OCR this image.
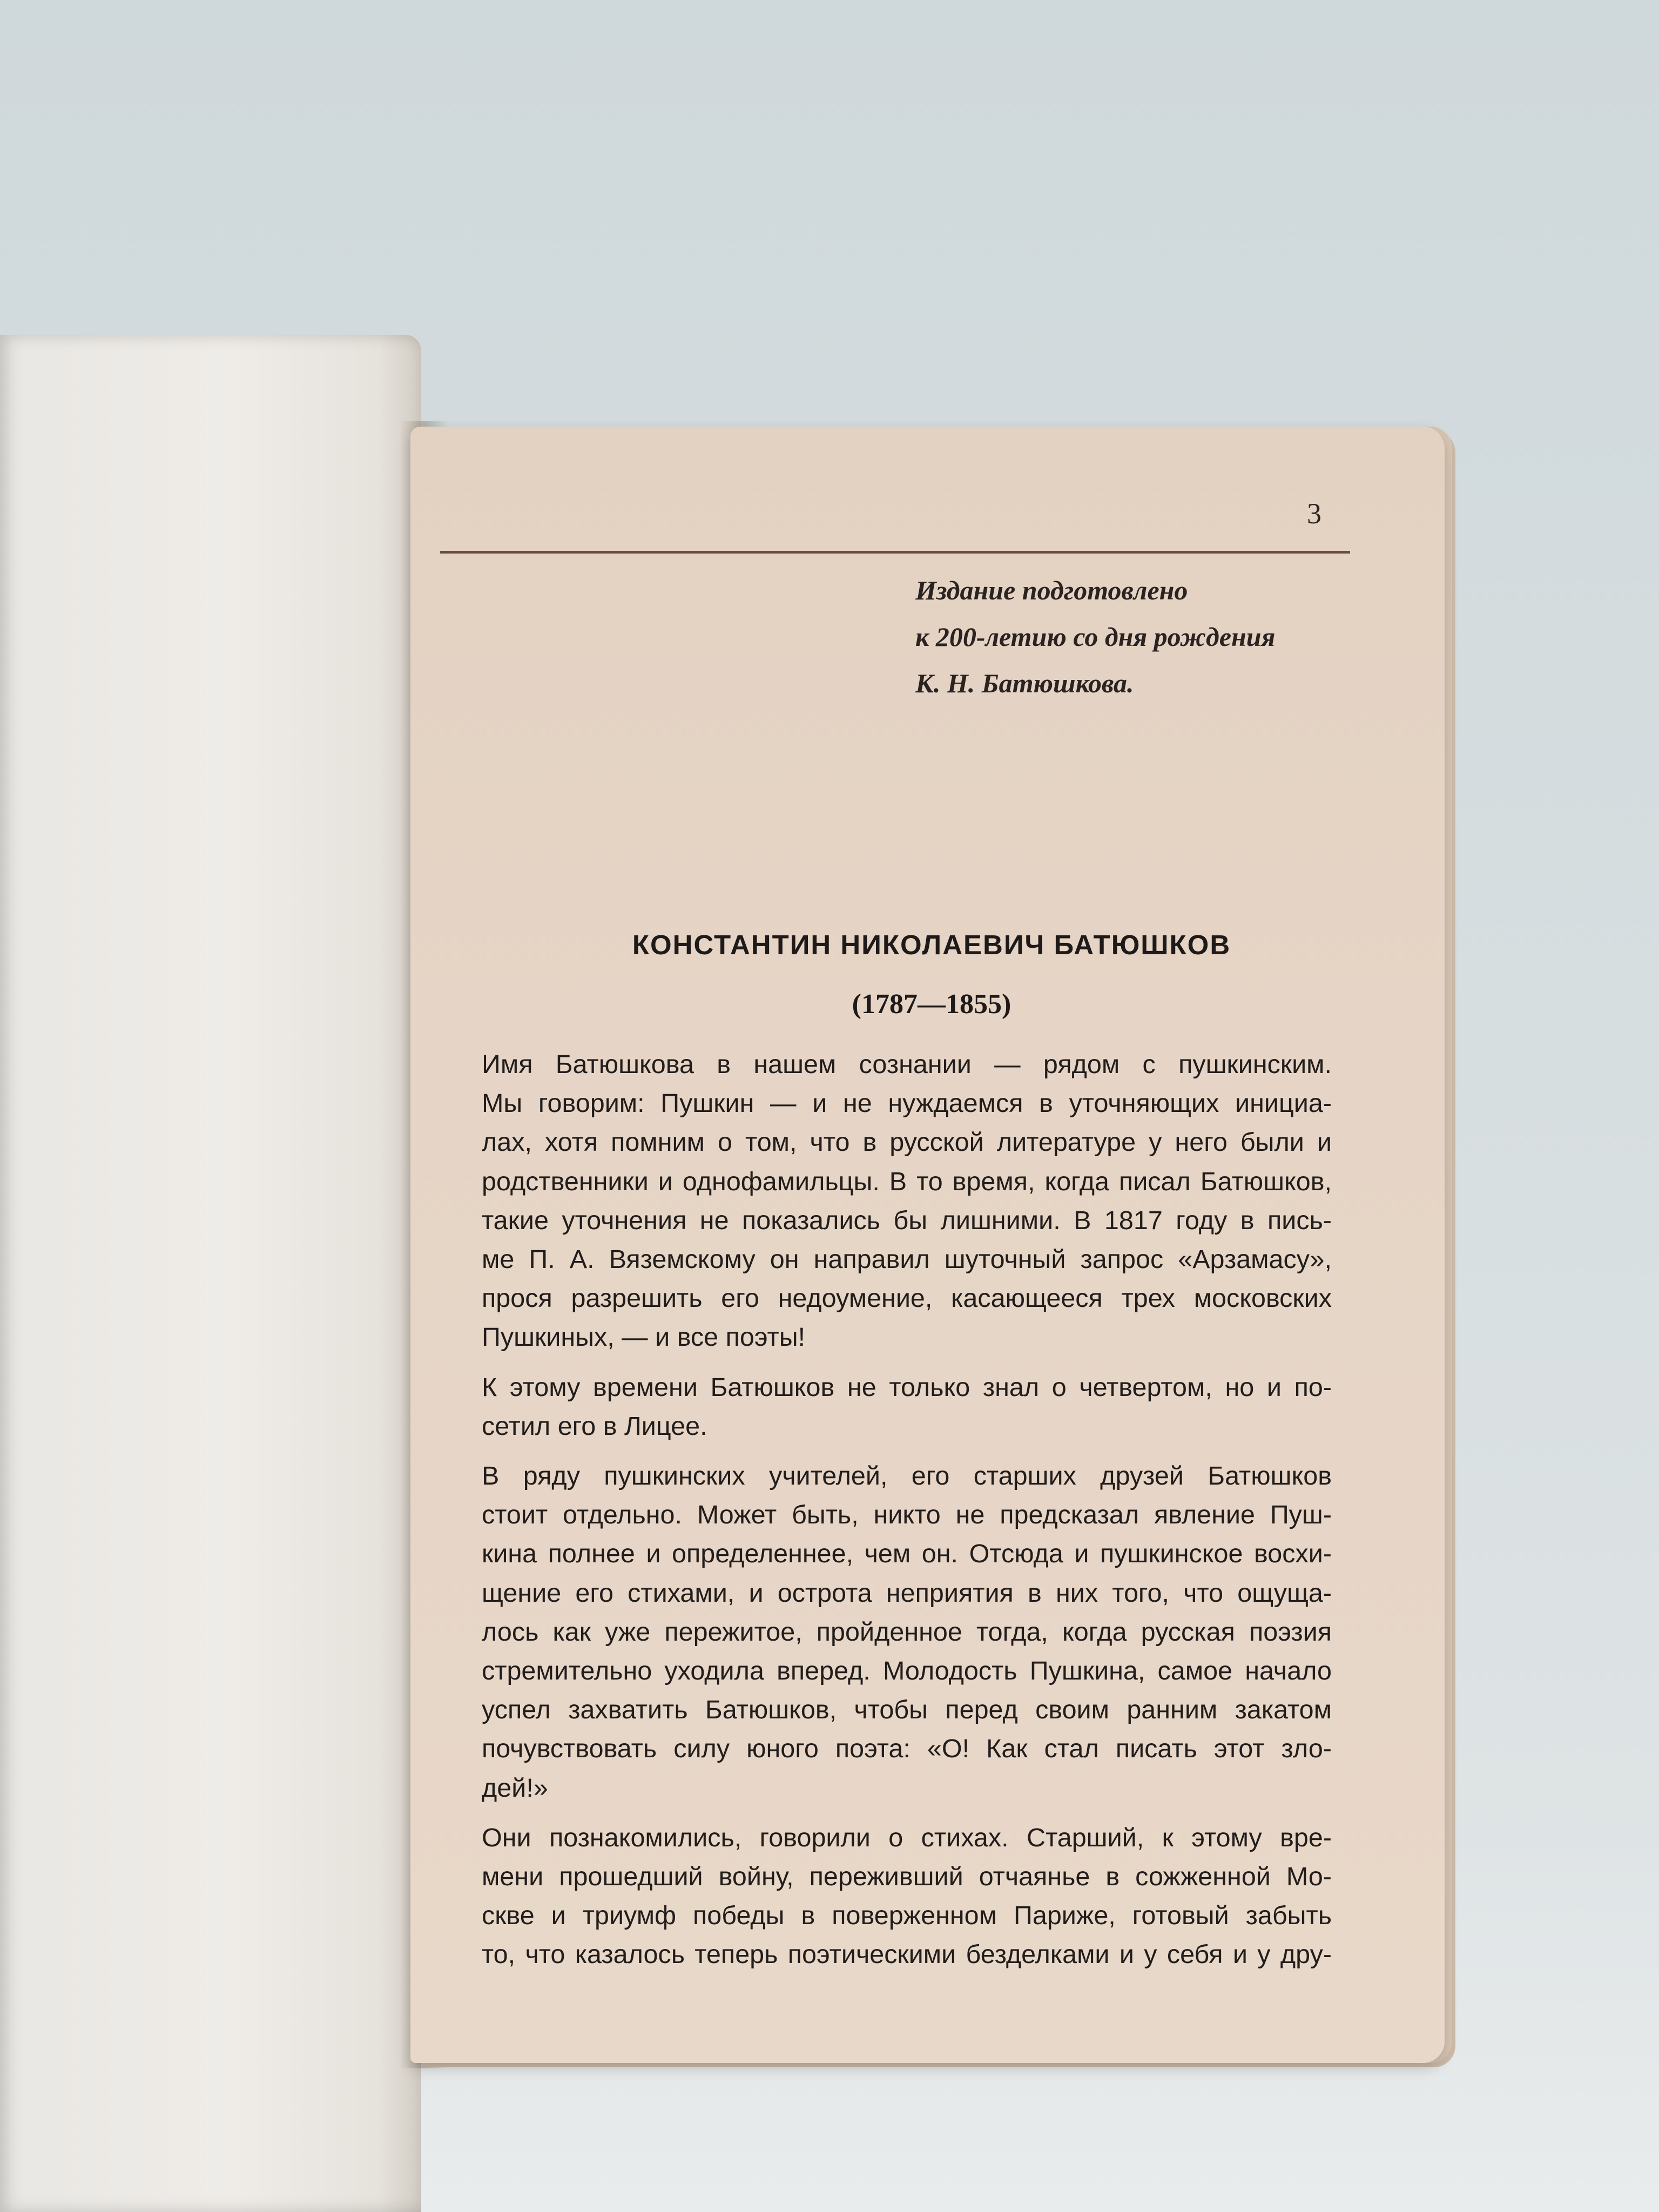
3
Издание подготовлено
к 200-летию со дня рождения
К. Н. Батюшкова.
КОНСТАНТИН НИКОЛАЕВИЧ БАТЮШКОВ
(1787—1855)

Имя Батюшкова в нашем сознании — рядом с пушкинским.
Мы говорим: Пушкин — и не нуждаемся в уточняющих инициа-
лах, хотя помним о том, что в русской литературе у него были и
родственники и однофамильцы. В то время, когда писал Батюшков,
такие уточнения не показались бы лишними. В 1817 году в пись-
ме П. А. Вяземскому он направил шуточный запрос «Арзамасу»,
прося разрешить его недоумение, касающееся трех московских
Пушкиных, — и все поэты!

К этому времени Батюшков не только знал о четвертом, но и по-
сетил его в Лицее.

В ряду пушкинских учителей, его старших друзей Батюшков
стоит отдельно. Может быть, никто не предсказал явление Пуш-
кина полнее и определеннее, чем он. Отсюда и пушкинское восхи-
щение его стихами, и острота неприятия в них того, что ощуща-
лось как уже пережитое, пройденное тогда, когда русская поэзия
стремительно уходила вперед. Молодость Пушкина, самое начало
успел захватить Батюшков, чтобы перед своим ранним закатом
почувствовать силу юного поэта: «О! Как стал писать этот зло-
дей!»

Они познакомились, говорили о стихах. Старший, к этому вре-
мени прошедший войну, переживший отчаянье в сожженной Мо-
скве и триумф победы в поверженном Париже, готовый забыть
то, что казалось теперь поэтическими безделками и у себя и у дру-
